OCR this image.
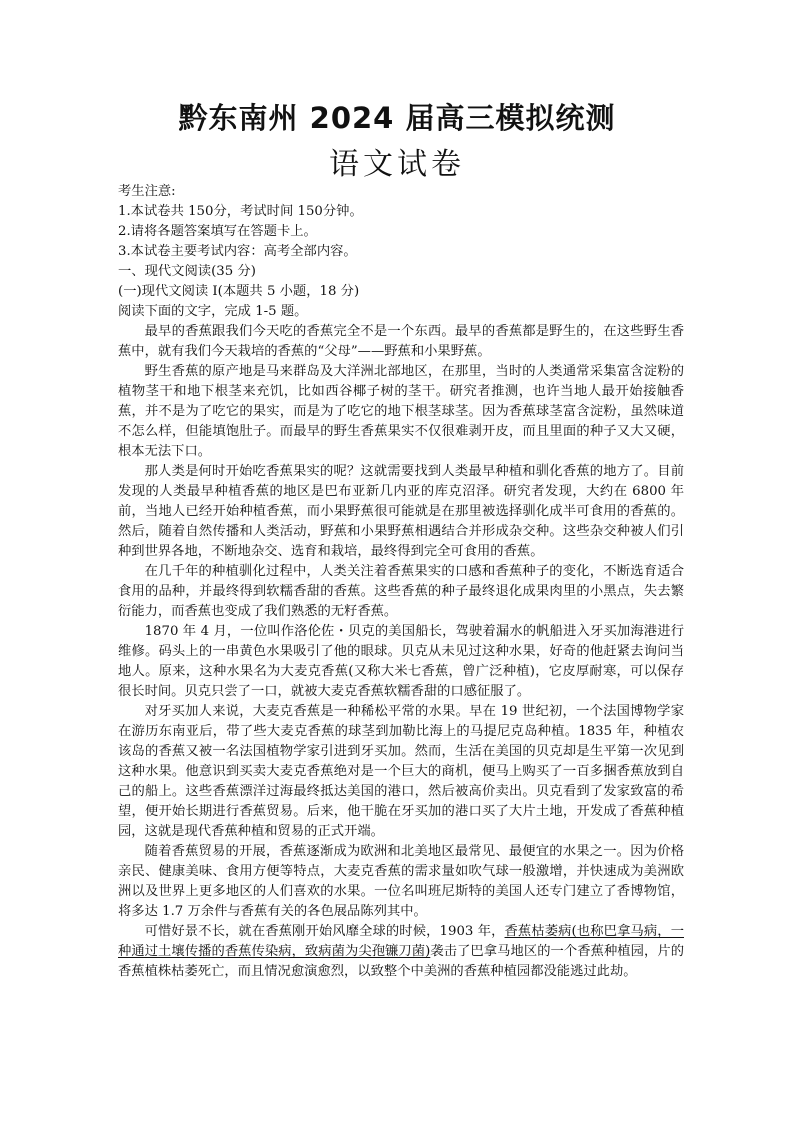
黔东南州 2024 届高三模拟统测
语文试卷

考生注意:

1.本试卷共 150分，考试时间 150分钟。

2.请将各题答案填写在答题卡上。

3.本试卷主要考试内容：高考全部内容。

一、现代文阅读(35 分)

(一)现代文阅读 I(本题共 5 小题，18 分)

阅读下面的文字，完成 1-5 题。

最早的香蕉跟我们今天吃的香蕉完全不是一个东西。最早的香蕉都是野生的，在这些野生香蕉中，就有我们今天栽培的香蕉的“父母”——野蕉和小果野蕉。

野生香蕉的原产地是马来群岛及大洋洲北部地区，在那里，当时的人类通常采集富含淀粉的植物茎干和地下根茎来充饥，比如西谷椰子树的茎干。研究者推测，也许当地人最开始接触香蕉，并不是为了吃它的果实，而是为了吃它的地下根茎球茎。因为香蕉球茎富含淀粉，虽然味道不怎么样，但能填饱肚子。而最早的野生香蕉果实不仅很难剥开皮，而且里面的种子又大又硬，根本无法下口。

那人类是何时开始吃香蕉果实的呢？这就需要找到人类最早种植和驯化香蕉的地方了。目前发现的人类最早种植香蕉的地区是巴布亚新几内亚的库克沼泽。研究者发现，大约在 6800 年前，当地人已经开始种植香蕉，而小果野蕉很可能就是在那里被选择驯化成半可食用的香蕉的。然后，随着自然传播和人类活动，野蕉和小果野蕉相遇结合并形成杂交种。这些杂交种被人们引种到世界各地，不断地杂交、选育和栽培，最终得到完全可食用的香蕉。

在几千年的种植驯化过程中，人类关注着香蕉果实的口感和香蕉种子的变化，不断选育适合食用的品种，并最终得到软糯香甜的香蕉。这些香蕉的种子最终退化成果肉里的小黑点，失去繁衍能力，而香蕉也变成了我们熟悉的无籽香蕉。

1870 年 4 月，一位叫作洛伦佐・贝克的美国船长，驾驶着漏水的帆船进入牙买加海港进行维修。码头上的一串黄色水果吸引了他的眼球。贝克从未见过这种水果，好奇的他赶紧去询问当地人。原来，这种水果名为大麦克香蕉(又称大米七香蕉，曾广泛种植)，它皮厚耐寒，可以保存很长时间。贝克只尝了一口，就被大麦克香蕉软糯香甜的口感征服了。

对牙买加人来说，大麦克香蕉是一种稀松平常的水果。早在 19 世纪初，一个法国博物学家在游历东南亚后，带了些大麦克香蕉的球茎到加勒比海上的马提尼克岛种植。1835 年，种植农该岛的香蕉又被一名法国植物学家引进到牙买加。然而，生活在美国的贝克却是生平第一次见到这种水果。他意识到买卖大麦克香蕉绝对是一个巨大的商机，便马上购买了一百多捆香蕉放到自己的船上。这些香蕉漂洋过海最终抵达美国的港口，然后被高价卖出。贝克看到了发家致富的希望，便开始长期进行香蕉贸易。后来，他干脆在牙买加的港口买了大片土地，开发成了香蕉种植园，这就是现代香蕉种植和贸易的正式开端。

随着香蕉贸易的开展，香蕉逐渐成为欧洲和北美地区最常见、最便宜的水果之一。因为价格亲民、健康美味、食用方便等特点，大麦克香蕉的需求量如吹气球一般激增，并快速成为美洲欧洲以及世界上更多地区的人们喜欢的水果。一位名叫班尼斯特的美国人还专门建立了香博物馆，将多达 1.7 万余件与香蕉有关的各色展品陈列其中。

可惜好景不长，就在香蕉刚开始风靡全球的时候，1903 年，香蕉枯萎病(也称巴拿马病，一种通过土壤传播的香蕉传染病，致病菌为尖孢镰刀菌)袭击了巴拿马地区的一个香蕉种植园，片的香蕉植株枯萎死亡，而且情况愈演愈烈，以致整个中美洲的香蕉种植园都没能逃过此劫。
